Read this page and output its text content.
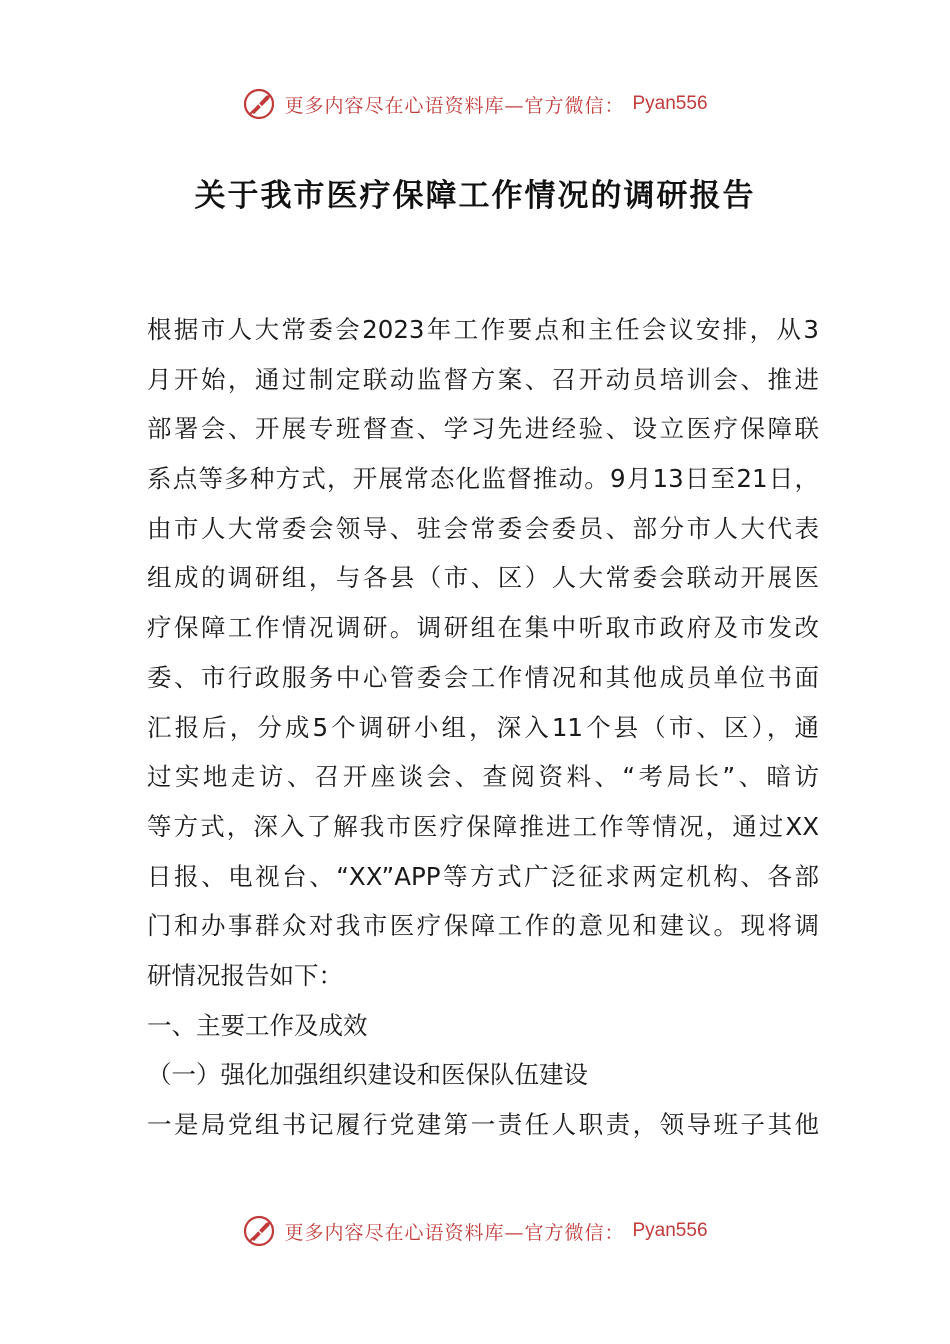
更多内容尽在心语资料库—官方微信： Pyan556
关于我市医疗保障工作情况的调研报告
根据市人大常委会2023年工作要点和主任会议安排，从3
月开始，通过制定联动监督方案、召开动员培训会、推进
部署会、开展专班督查、学习先进经验、设立医疗保障联
系点等多种方式，开展常态化监督推动。9月13日至21日，
由市人大常委会领导、驻会常委会委员、部分市人大代表
组成的调研组，与各县（市、区）人大常委会联动开展医
疗保障工作情况调研。调研组在集中听取市政府及市发改
委、市行政服务中心管委会工作情况和其他成员单位书面
汇报后，分成5个调研小组，深入11个县（市、区），通
过实地走访、召开座谈会、查阅资料、“考局长”、暗访
等方式，深入了解我市医疗保障推进工作等情况，通过XX
日报、电视台、“XX”APP等方式广泛征求两定机构、各部
门和办事群众对我市医疗保障工作的意见和建议。现将调
研情况报告如下：
一、主要工作及成效
（一）强化加强组织建设和医保队伍建设
一是局党组书记履行党建第一责任人职责，领导班子其他
更多内容尽在心语资料库—官方微信： Pyan556
